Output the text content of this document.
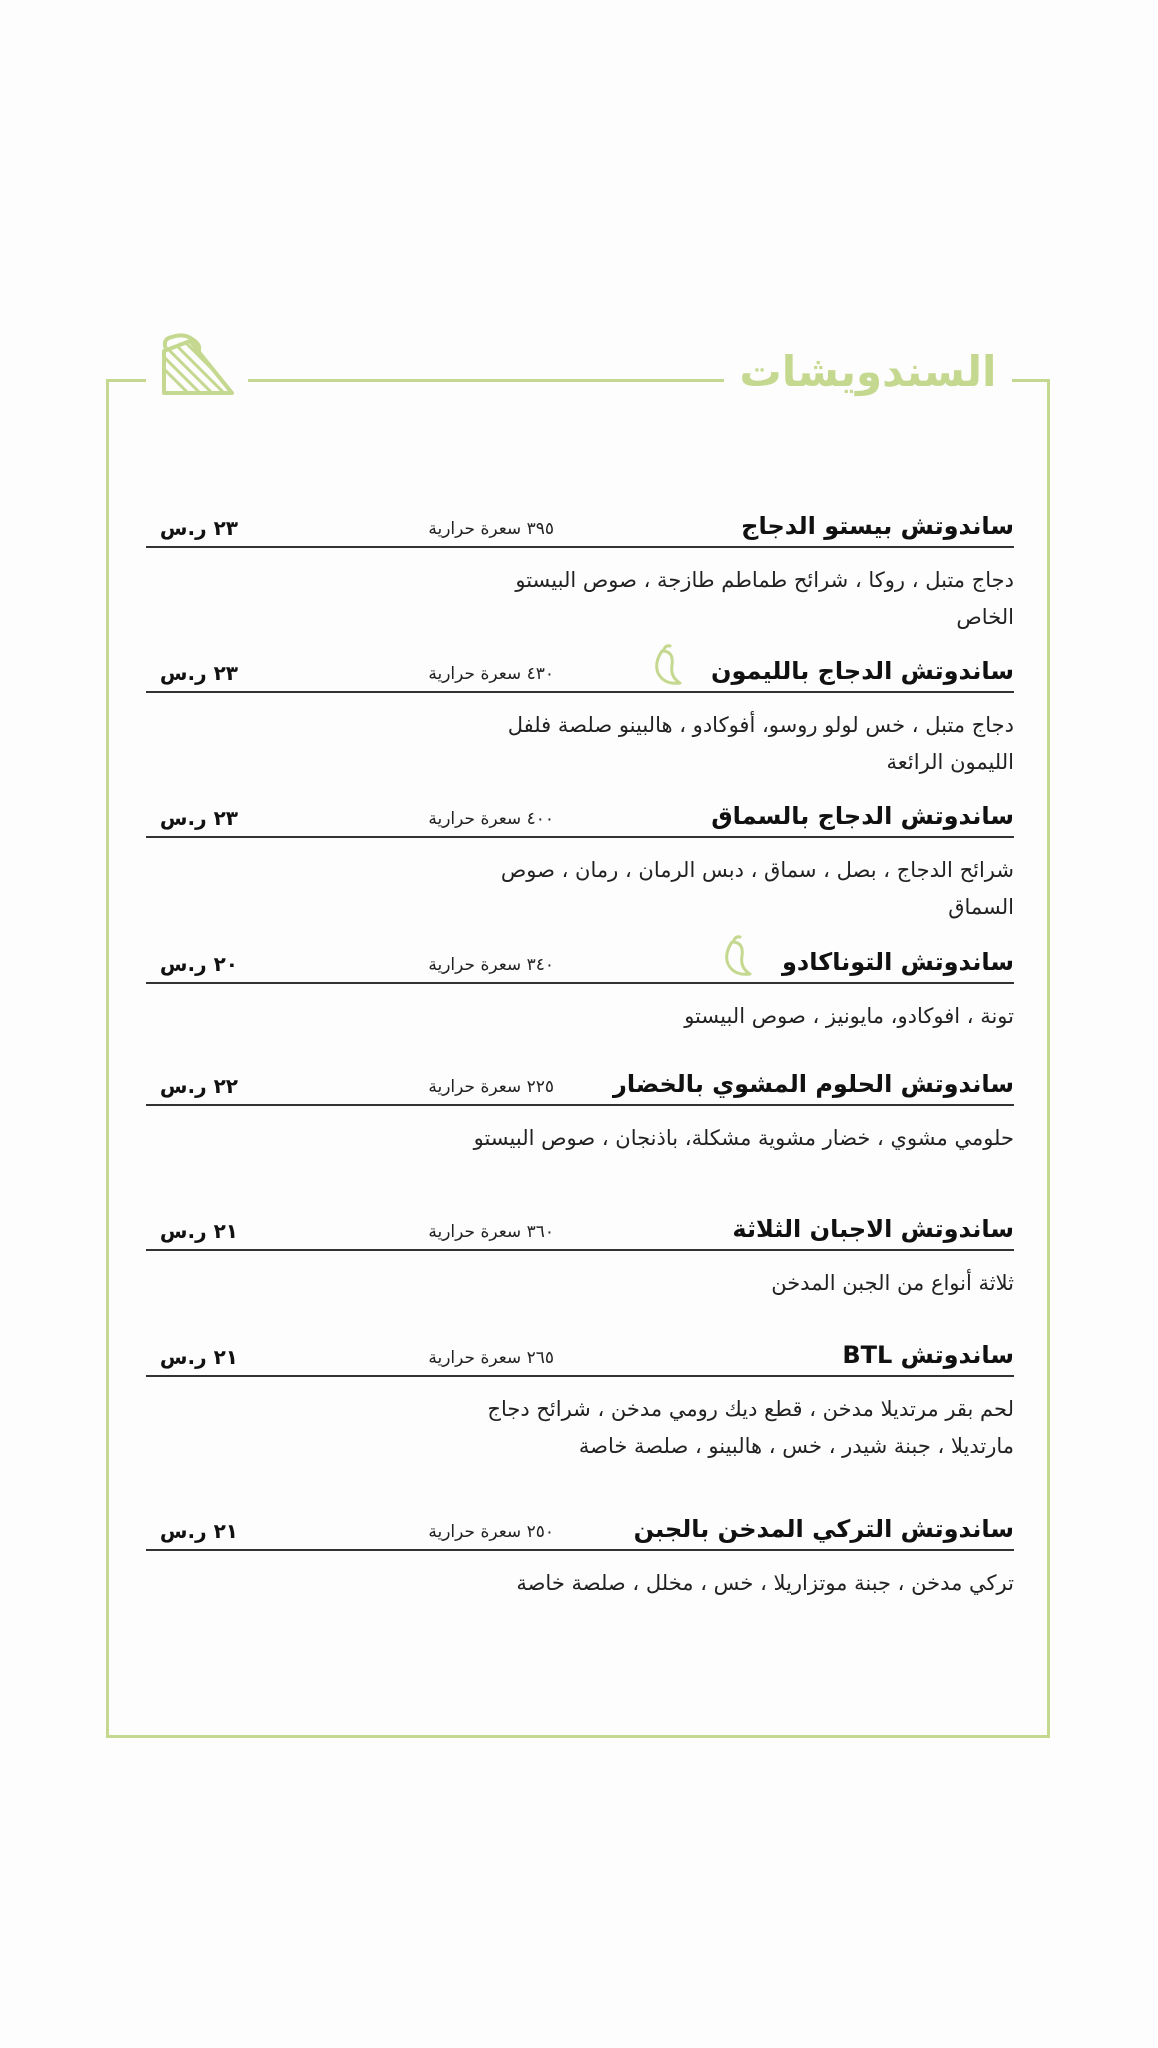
السندويشات
ساندوتش بيستو الدجاج
٣٩٥ سعرة حرارية
٢٣ ر.س
دجاج متبل ، روكا ، شرائح طماطم طازجة ، صوص البيستو الخاص
ساندوتش الدجاج بالليمون
٤٣٠ سعرة حرارية
٢٣ ر.س
دجاج متبل ، خس لولو روسو، أفوكادو ، هالبينو صلصة فلفل الليمون الرائعة
ساندوتش الدجاج بالسماق
٤٠٠ سعرة حرارية
٢٣ ر.س
شرائح الدجاج ، بصل ، سماق ، دبس الرمان ، رمان ، صوص السماق
ساندوتش التوناكادو
٣٤٠ سعرة حرارية
٢٠ ر.س
تونة ، افوكادو، مايونيز ، صوص البيستو
ساندوتش الحلوم المشوي بالخضار
٢٢٥ سعرة حرارية
٢٢ ر.س
حلومي مشوي ، خضار مشوية مشكلة، باذنجان ، صوص البيستو
ساندوتش الاجبان الثلاثة
٣٦٠ سعرة حرارية
٢١ ر.س
ثلاثة أنواع من الجبن المدخن
ساندوتش BTL
٢٦٥ سعرة حرارية
٢١ ر.س
لحم بقر مرتديلا مدخن ، قطع ديك رومي مدخن ، شرائح دجاج مارتديلا ، جبنة شيدر ، خس ، هالبينو ، صلصة خاصة
ساندوتش التركي المدخن بالجبن
٢٥٠ سعرة حرارية
٢١ ر.س
تركي مدخن ، جبنة موتزاريلا ، خس ، مخلل ، صلصة خاصة
